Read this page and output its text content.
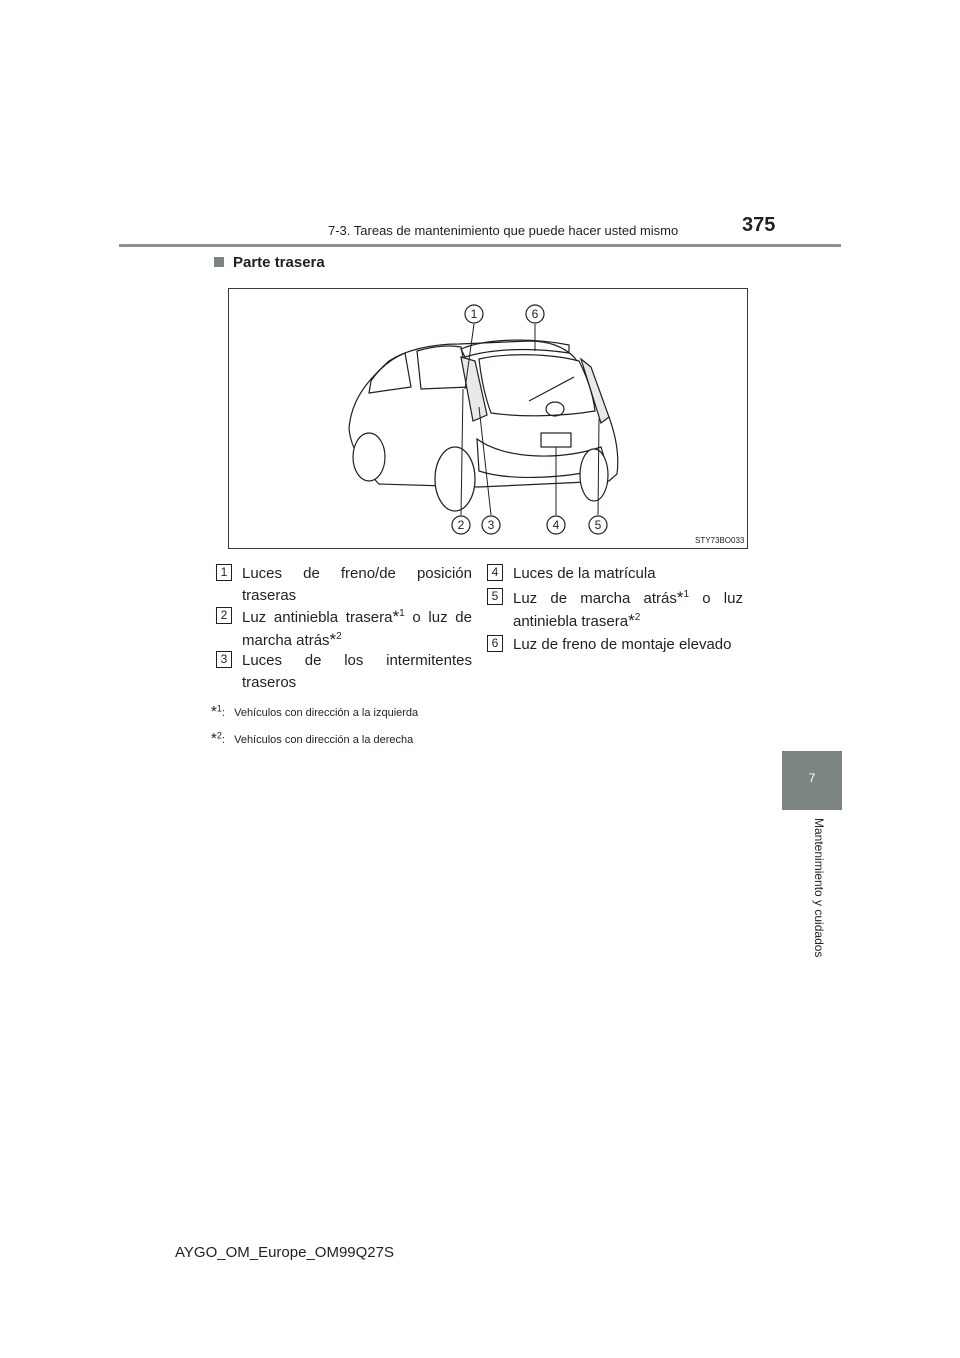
7-3. Tareas de mantenimiento que puede hacer usted mismo	375
7
Mantenimiento y cuidados
Parte trasera
1	6
2 3	4	5
STY73BO033
1 Luces de freno/de posición traseras
2 Luz antiniebla trasera*$^1$ o luz de marcha atrás*$^2$
3 Luces de los intermitentes traseros
4 Luces de la matrícula
5 Luz de marcha atrás*$^1$ o luz antiniebla trasera*$^2$
6 Luz de freno de montaje elevado
*$^1$:   Vehículos con dirección a la izquierda
*$^2$:   Vehículos con dirección a la derecha
AYGO_OM_Europe_OM99Q27S
